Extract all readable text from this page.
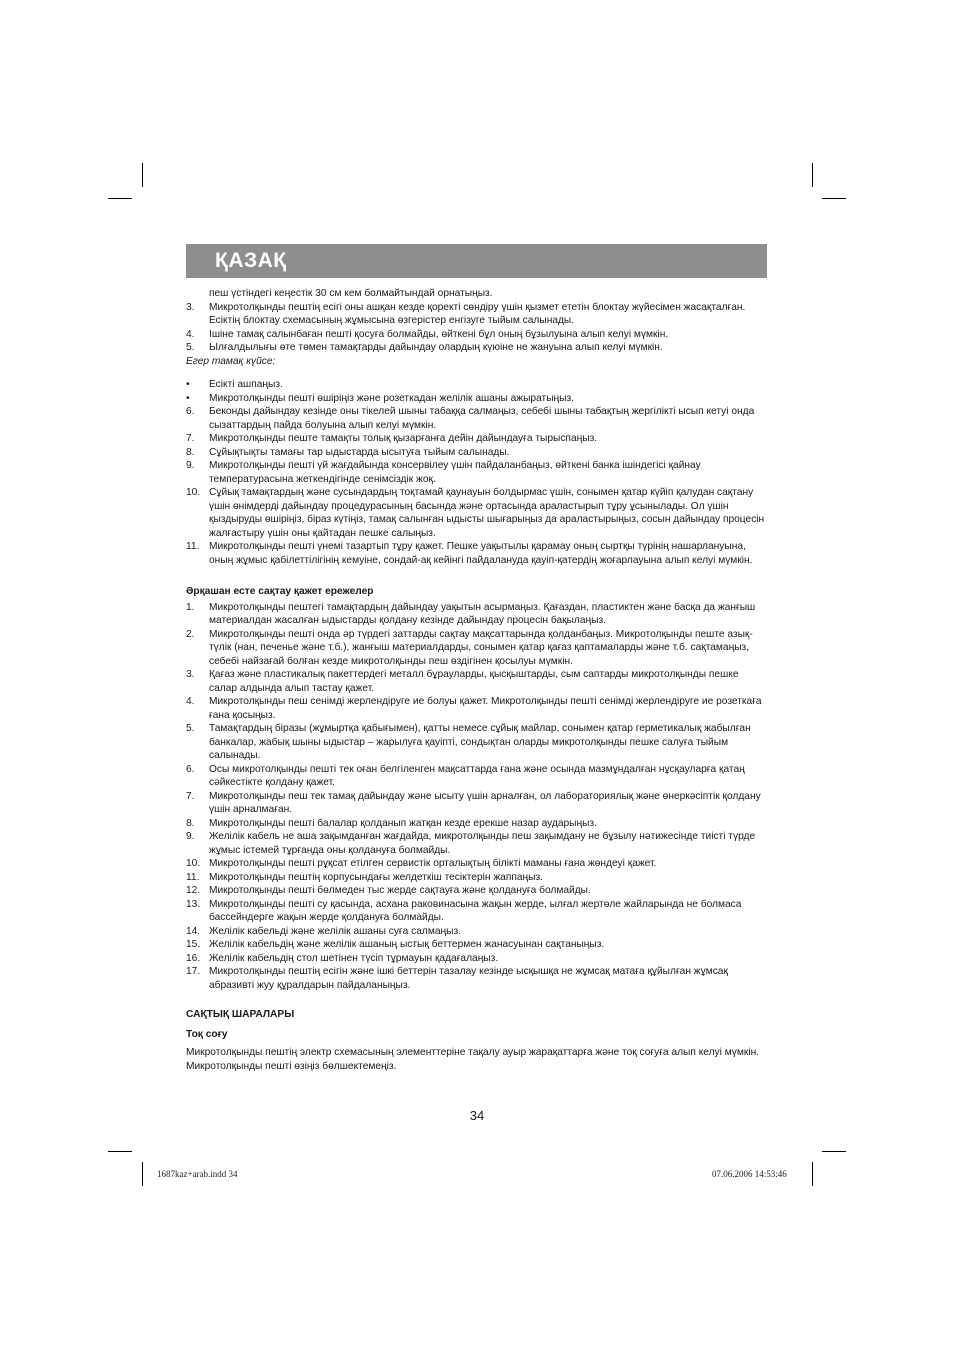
ҚАЗАҚ
пеш үстіндегі кеңестік 30 см кем болмайтындай орнатыңыз.
3.	Микротолқынды пештің есігі оны ашқан кезде қоректі сөндіру үшін қызмет ететін блоктау жүйесімен жасақталған. Есіктің блоктау схемасының жұмысына өзгерістер енгізуге тыйым салынады.
4.	Ішіне тамақ салынбаған пешті қосуға болмайды, өйткені бұл оның бұзылуына алып келуі мүмкін.
5.	Ылғалдылығы өте төмен тамақтарды дайындау олардың күюіне не жануына алып келуі мүмкін.
Егер тамақ күйсе:
•	Есікті ашпаңыз.
•	Микротолқынды пешті өшіріңіз және розеткадан желілік ашаны ажыратыңыз.
6.	Беконды дайындау кезінде оны тікелей шыны табаққа салмаңыз, себебі шыны табақтың жергілікті ысып кетуі онда сызаттардың пайда болуына алып келуі мүмкін.
7.	Микротолқынды пеште тамақты толық қызарғанға дейін дайындауға тырыспаңыз.
8.	Сұйықтықты тамағы тар ыдыстарда ысытуға тыйым салынады.
9.	Микротолқынды пешті үй жағдайында консервілеу үшін пайдаланбаңыз, өйткені банка ішіндегісі қайнау температурасына жеткендігінде сенімсіздік жоқ.
10. Сұйық тамақтардың және сусындардың тоқтамай қаунауын болдырмас үшін, сонымен қатар күйіп қалудан сақтану үшін өнімдерді дайындау процедурасының басында және ортасында араластырып тұру ұсынылады. Ол үшін қыздыруды өшіріңіз, біраз күтіңіз, тамақ салынған ыдысты шығарыңыз да араластырыңыз, сосын дайындау процесін жалғастыру үшін оны қайтадан пешке салыңыз.
11. Микротолқынды пешті үнемі тазартып тұру қажет. Пешке уақытылы қарамау оның сыртқы түрінің нашарлануына, оның жұмыс қабілеттілігінің кемуіне, сондай-ақ кейінгі пайдалануда қауіп-қатердің жоғарлауына алып келуі мүмкін.
Әрқашан есте сақтау қажет ережелер
1.	Микротолқынды пештегі тамақтардың дайындау уақытын асырмаңыз. Қағаздан, пластиктен және басқа да жанғыш материалдан жасалған ыдыстарды қолдану кезінде дайындау процесін бақылаңыз.
2.	Микротолқынды пешті онда әр түрдегі заттарды сақтау мақсаттарында қолданбаңыз. Микротолқынды пеште азық-түлік (нан, печенье және т.б.), жанғыш материалдарды, сонымен қатар қағаз қаптамаларды және т.б. сақтамаңыз, себебі найзағай болған кезде микротолқынды пеш өздігінен қосылуы мүмкін.
3.	Қағаз және пластикалық пакеттердегі металл бұрауларды, қысқыштарды, сым саптарды микротолқынды пешке салар алдында алып тастау қажет.
4.	Микротолқынды пеш сенімді жерлендіруге ие болуы қажет. Микротолқынды пешті сенімді жерлендіруге ие розеткаға ғана қосыңыз.
5.	Тамақтардың біразы (жұмыртқа қабығымен), қатты немесе сұйық майлар, сонымен қатар герметикалық жабылған банкалар, жабық шыны ыдыстар – жарылуға қауіпті, сондықтан оларды микротолқынды пешке салуға тыйым салынады.
6.	Осы микротолқынды пешті тек оған белгіленген мақсаттарда ғана және осында мазмұндалған нұсқауларға қатаң сәйкестікте қолдану қажет.
7.	Микротолқынды пеш тек тамақ дайындау және ысыту үшін арналған, ол лабораториялық және өнеркәсіптік қолдану үшін арналмаған.
8.	Микротолқынды пешті балалар қолданып жатқан кезде ерекше назар аударыңыз.
9.	Желілік кабель не аша зақымданған жағдайда, микротолқынды пеш зақымдану не бұзылу нәтижесінде тиісті түрде жұмыс істемей тұрғанда оны қолдануға болмайды.
10. Микротолқынды пешті рұқсат етілген сервистік орталықтың білікті маманы ғана жөндеуі қажет.
11. Микротолқынды пештің корпусындағы желдеткіш тесіктерін жаппаңыз.
12. Микротолқынды пешті бөлмеден тыс жерде сақтауға және қолдануға болмайды.
13. Микротолқынды пешті су қасында, асхана раковинасына жақын жерде, ылғал жертөле жайларында не болмаса бассейндерге жақын жерде қолдануға болмайды.
14. Желілік кабельді және желілік ашаны суға салмаңыз.
15. Желілік кабельдің және желілік ашаның ыстық беттермен жанасуынан сақтаныңыз.
16. Желілік кабельдің стол шетінен түсіп тұрмауын қадағалаңыз.
17. Микротолқынды пештің есігін және ішкі беттерін тазалау кезінде ысқышқа не жұмсақ матаға құйылған жұмсақ абразивті жуу құралдарын пайдаланыңыз.
САҚТЫҚ ШАРАЛАРЫ
Тоқ соғу

Микротолқынды пештің электр схемасының элементтеріне тақалу ауыр жарақаттарға және тоқ соғуға алып келуі мүмкін. Микротолқынды пешті өзіңіз бөлшектемеңіз.

34
1687kaz+arab.indd 34	07.06.2006 14:53:46
